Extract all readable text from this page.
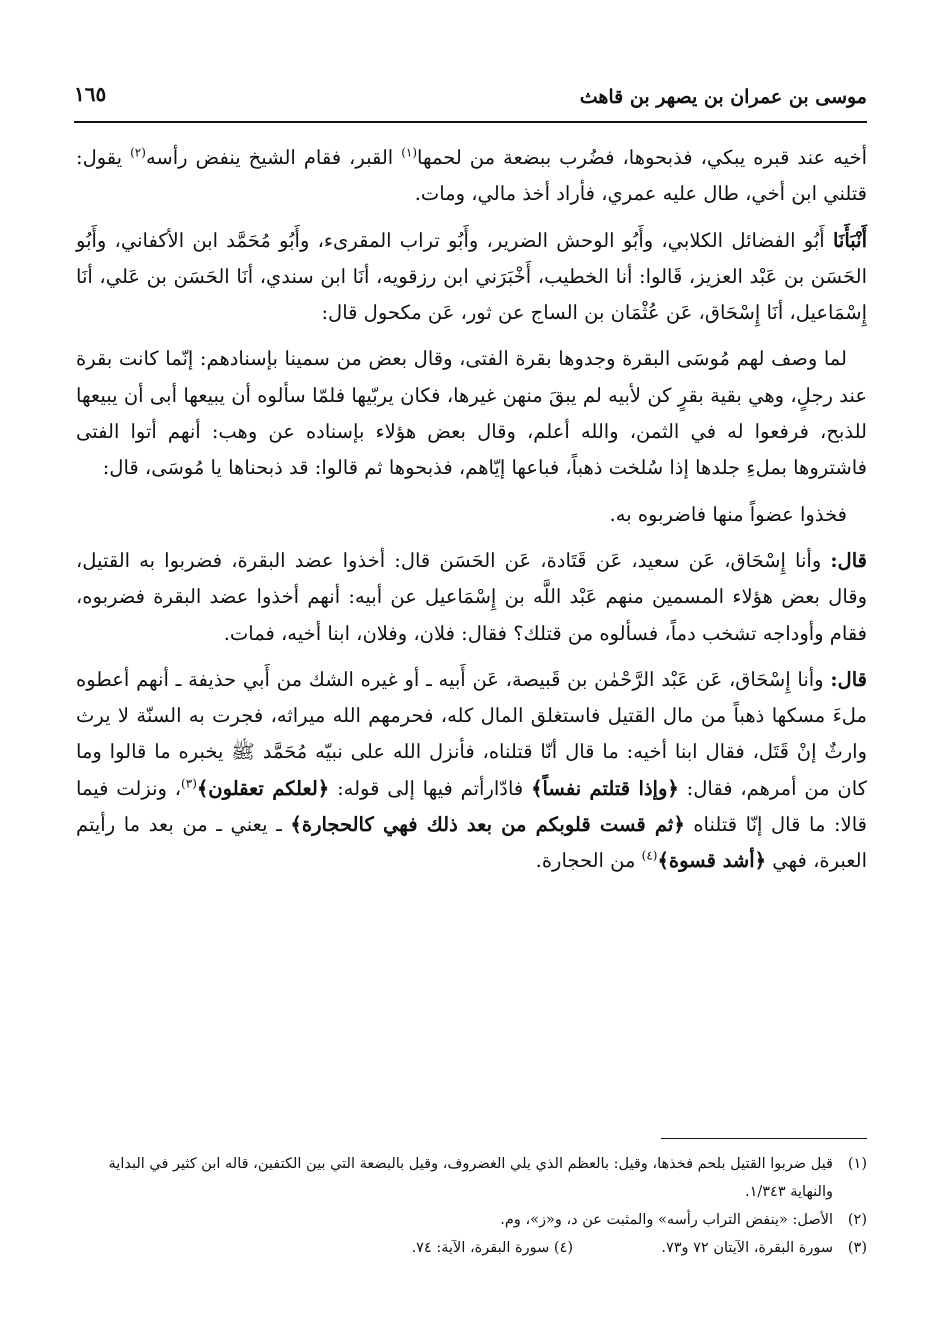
موسى بن عمران بن يصهر بن قاهث
١٦٥

أخيه عند قبره يبكي، فذبحوها، فضُرب ببضعة من لحمها$^{(١)}$ القبر، فقام الشيخ ينفض رأسه$^{(٢)}$ يقول: قتلني ابن أخي، طال عليه عمري، فأراد أخذ مالي، ومات.

أَنْبَأَنَا أَبُو الفضائل الكلابي، وأَبُو الوحش الضرير، وأَبُو تراب المقرىء، وأَبُو مُحَمَّد ابن الأكفاني، وأَبُو الحَسَن بن عَبْد العزيز، قَالوا: أنا الخطيب، أَخْبَرَني ابن رزقويه، أنَا ابن سندي، أنَا الحَسَن بن عَلي، أنَا إِسْمَاعيل، أنَا إِسْحَاق، عَن عُثْمَان بن الساج عن ثور، عَن مكحول قال:

لما وصف لهم مُوسَى البقرة وجدوها بقرة الفتى، وقال بعض من سمينا بإسنادهم: إنّما كانت بقرة عند رجلٍ، وهي بقية بقرٍ كن لأبيه لم يبقَ منهن غيرها، فكان يربّيها فلمّا سألوه أن يبيعها أبى أن يبيعها للذبح، فرفعوا له في الثمن، والله أعلم، وقال بعض هؤلاء بإسناده عن وهب: أنهم أتوا الفتى فاشتروها بملءِ جلدها إذا سُلخت ذهباً، فباعها إيّاهم، فذبحوها ثم قالوا: قد ذبحناها يا مُوسَى، قال:

فخذوا عضواً منها فاضربوه به.

قال: وأنا إِسْحَاق، عَن سعيد، عَن قَتَادة، عَن الحَسَن قال: أخذوا عضد البقرة، فضربوا به القتيل، وقال بعض هؤلاء المسمين منهم عَبْد اللَّه بن إِسْمَاعيل عن أبيه: أنهم أخذوا عضد البقرة فضربوه، فقام وأوداجه تشخب دماً، فسألوه من قتلك؟ فقال: فلان، وفلان، ابنا أخيه، فمات.

قال: وأنا إِسْحَاق، عَن عَبْد الرَّحْمٰن بن قَبيصة، عَن أَبيه ـ أو غيره الشك من أَبي حذيفة ـ أنهم أعطوه ملءَ مسكها ذهباً من مال القتيل فاستغلق المال كله، فحرمهم الله ميراثه، فجرت به السنّة لا يرث وارثٌ إنْ قَتَل، فقال ابنا أخيه: ما قال أنّا قتلناه، فأنزل الله على نبيّه مُحَمَّد ﷺ يخبره ما قالوا وما كان من أمرهم، فقال: ﴿وإذا قتلتم نفساً﴾ فادّارأتم فيها إلى قوله: ﴿لعلكم تعقلون﴾$^{(٣)}$، ونزلت فيما قالا: ما قال إنّا قتلناه ﴿ثم قست قلوبكم من بعد ذلك فهي كالحجارة﴾ ـ يعني ـ من بعد ما رأيتم العبرة، فهي ﴿أشد قسوة﴾$^{(٤)}$ من الحجارة.

(١)
قيل ضربوا القتيل بلحم فخذها، وقيل: بالعظم الذي يلي الغضروف، وقيل بالبضعة التي بين الكتفين، قاله ابن كثير في البداية والنهاية ١/٣٤٣.

(٢)
الأصل: «ينفض التراب رأسه» والمثبت عن د، و«ز»، وم.

(٣)
سورة البقرة، الآيتان ٧٢ و٧٣.
(٤) سورة البقرة، الآية: ٧٤.
